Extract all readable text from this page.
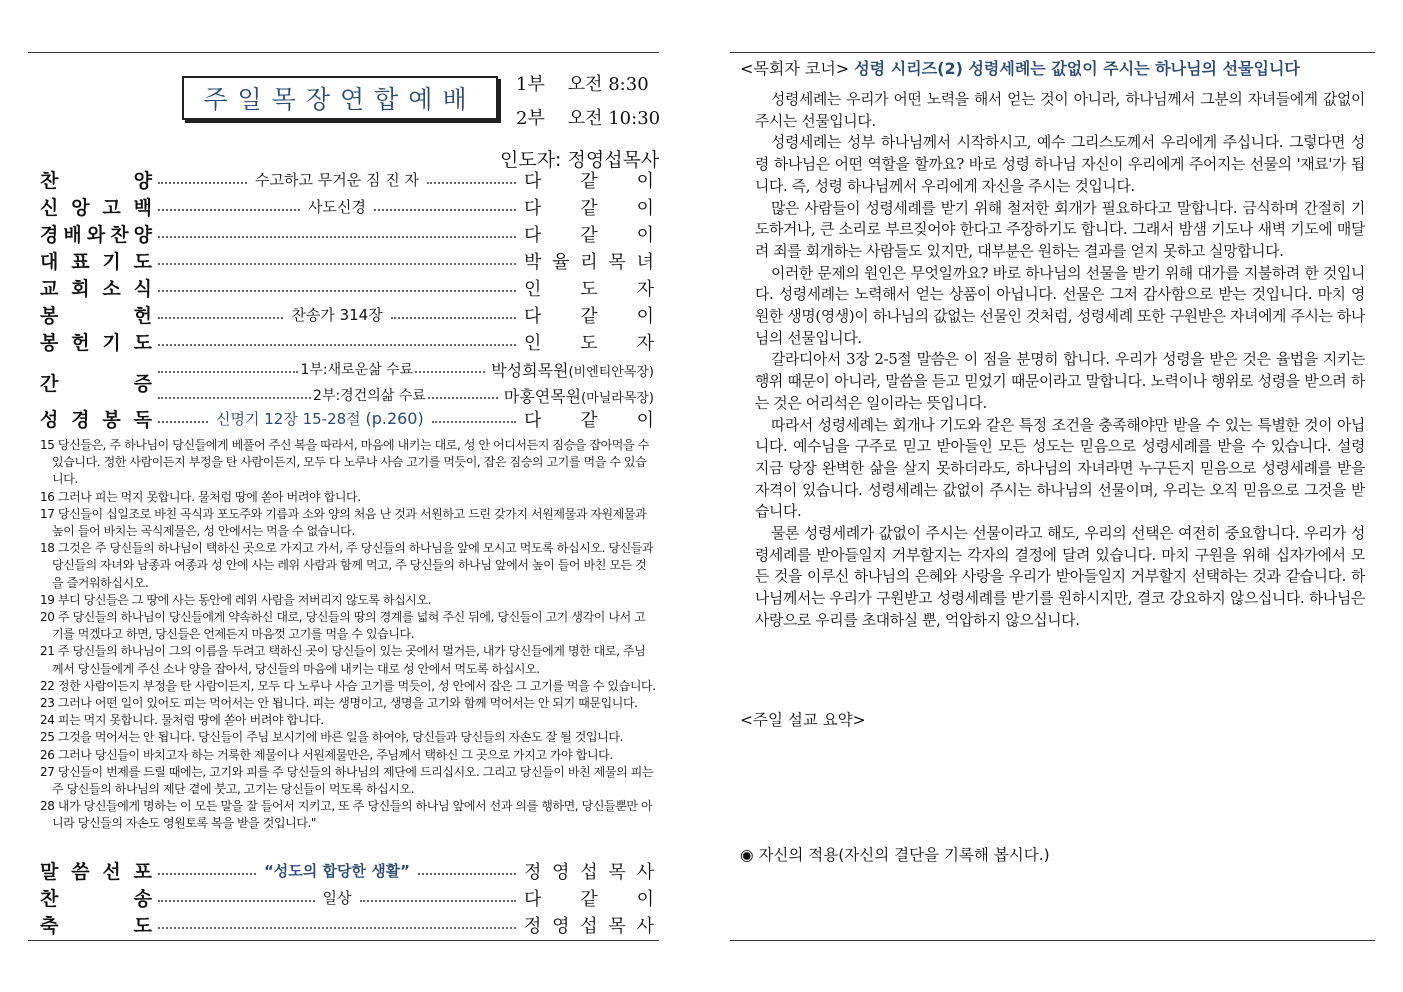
주일목장연합예배
1부 오전 8:30
2부 오전 10:30
인도자: 정영섭목사
찬	양	수고하고 무거운 짐 진 자	다 같 이
신 앙 고 백	사도신경	다 같 이
경 배 와 찬 양	다 같 이
대 표 기 도	박 율 리 목 녀
교 회 소 식	인 도 자
봉	헌	찬송가 314장	다 같 이
봉 헌 기 도	인 도 자
간	증
1부:새로운삶 수료	박성희목원(비엔티안목장)
2부:경건의삶 수료	마홍연목원(마닐라목장)
성 경 봉 독	신명기 12장 15-28절 (p.260)	다 같 이

15 당신들은, 주 하나님이 당신들에게 베풀어 주신 복을 따라서, 마음에 내키는 대로, 성 안 어디서든지 짐승을 잡아먹을 수 있습니다. 정한 사람이든지 부정을 탄 사람이든지, 모두 다 노루나 사슴 고기를 먹듯이, 잡은 짐승의 고기를 먹을 수 있습니다.

16 그러나 피는 먹지 못합니다. 물처럼 땅에 쏟아 버려야 합니다.

17 당신들이 십일조로 바친 곡식과 포도주와 기름과 소와 양의 처음 난 것과 서원하고 드린 갖가지 서원제물과 자원제물과 높이 들어 바치는 곡식제물은, 성 안에서는 먹을 수 없습니다.

18 그것은 주 당신들의 하나님이 택하신 곳으로 가지고 가서, 주 당신들의 하나님을 앞에 모시고 먹도록 하십시오. 당신들과 당신들의 자녀와 남종과 여종과 성 안에 사는 레위 사람과 함께 먹고, 주 당신들의 하나님 앞에서 높이 들어 바친 모든 것을 즐거워하십시오.

19 부디 당신들은 그 땅에 사는 동안에 레위 사람을 저버리지 않도록 하십시오.

20 주 당신들의 하나님이 당신들에게 약속하신 대로, 당신들의 땅의 경계를 넓혀 주신 뒤에, 당신들이 고기 생각이 나서 고기를 먹겠다고 하면, 당신들은 언제든지 마음껏 고기를 먹을 수 있습니다.

21 주 당신들의 하나님이 그의 이름을 두려고 택하신 곳이 당신들이 있는 곳에서 멀거든, 내가 당신들에게 명한 대로, 주님께서 당신들에게 주신 소나 양을 잡아서, 당신들의 마음에 내키는 대로 성 안에서 먹도록 하십시오.

22 정한 사람이든지 부정을 탄 사람이든지, 모두 다 노루나 사슴 고기를 먹듯이, 성 안에서 잡은 그 고기를 먹을 수 있습니다.

23 그러나 어떤 일이 있어도 피는 먹어서는 안 됩니다. 피는 생명이고, 생명을 고기와 함께 먹어서는 안 되기 때문입니다.

24 피는 먹지 못합니다. 물처럼 땅에 쏟아 버려야 합니다.

25 그것을 먹어서는 안 됩니다. 당신들이 주님 보시기에 바른 일을 하여야, 당신들과 당신들의 자손도 잘 될 것입니다.

26 그러나 당신들이 바치고자 하는 거룩한 제물이나 서원제물만은, 주님께서 택하신 그 곳으로 가지고 가야 합니다.

27 당신들이 번제를 드릴 때에는, 고기와 피를 주 당신들의 하나님의 제단에 드리십시오. 그리고 당신들이 바친 제물의 피는 주 당신들의 하나님의 제단 곁에 붓고, 고기는 당신들이 먹도록 하십시오.

28 내가 당신들에게 명하는 이 모든 말을 잘 들어서 지키고, 또 주 당신들의 하나님 앞에서 선과 의를 행하면, 당신들뿐만 아니라 당신들의 자손도 영원토록 복을 받을 것입니다."

말 씀 선 포	“성도의 합당한 생활”	정 영 섭 목 사
찬	송	일상	다 같 이
축	도	정 영 섭 목 사
<목회자 코너> 성령 시리즈(2) 성령세례는 값없이 주시는 하나님의 선물입니다

성령세례는 우리가 어떤 노력을 해서 얻는 것이 아니라, 하나님께서 그분의 자녀들에게 값없이 주시는 선물입니다.

성령세례는 성부 하나님께서 시작하시고, 예수 그리스도께서 우리에게 주십니다. 그렇다면 성령 하나님은 어떤 역할을 할까요? 바로 성령 하나님 자신이 우리에게 주어지는 선물의 '재료'가 됩니다. 즉, 성령 하나님께서 우리에게 자신을 주시는 것입니다.

많은 사람들이 성령세례를 받기 위해 철저한 회개가 필요하다고 말합니다. 금식하며 간절히 기도하거나, 큰 소리로 부르짖어야 한다고 주장하기도 합니다. 그래서 밤샘 기도나 새벽 기도에 매달려 죄를 회개하는 사람들도 있지만, 대부분은 원하는 결과를 얻지 못하고 실망합니다.

이러한 문제의 원인은 무엇일까요? 바로 하나님의 선물을 받기 위해 대가를 지불하려 한 것입니다. 성령세례는 노력해서 얻는 상품이 아닙니다. 선물은 그저 감사함으로 받는 것입니다. 마치 영원한 생명(영생)이 하나님의 값없는 선물인 것처럼, 성령세례 또한 구원받은 자녀에게 주시는 하나님의 선물입니다.

갈라디아서 3장 2-5절 말씀은 이 점을 분명히 합니다. 우리가 성령을 받은 것은 율법을 지키는 행위 때문이 아니라, 말씀을 듣고 믿었기 때문이라고 말합니다. 노력이나 행위로 성령을 받으려 하는 것은 어리석은 일이라는 뜻입니다.

따라서 성령세례는 회개나 기도와 같은 특정 조건을 충족해야만 받을 수 있는 특별한 것이 아닙니다. 예수님을 구주로 믿고 받아들인 모든 성도는 믿음으로 성령세례를 받을 수 있습니다. 설령 지금 당장 완벽한 삶을 살지 못하더라도, 하나님의 자녀라면 누구든지 믿음으로 성령세례를 받을 자격이 있습니다. 성령세례는 값없이 주시는 하나님의 선물이며, 우리는 오직 믿음으로 그것을 받습니다.

물론 성령세례가 값없이 주시는 선물이라고 해도, 우리의 선택은 여전히 중요합니다. 우리가 성령세례를 받아들일지 거부할지는 각자의 결정에 달려 있습니다. 마치 구원을 위해 십자가에서 모든 것을 이루신 하나님의 은혜와 사랑을 우리가 받아들일지 거부할지 선택하는 것과 같습니다. 하나님께서는 우리가 구원받고 성령세례를 받기를 원하시지만, 결코 강요하지 않으십니다. 하나님은 사랑으로 우리를 초대하실 뿐, 억압하지 않으십니다.

<주일 설교 요약>
◉ 자신의 적용(자신의 결단을 기록해 봅시다.)
